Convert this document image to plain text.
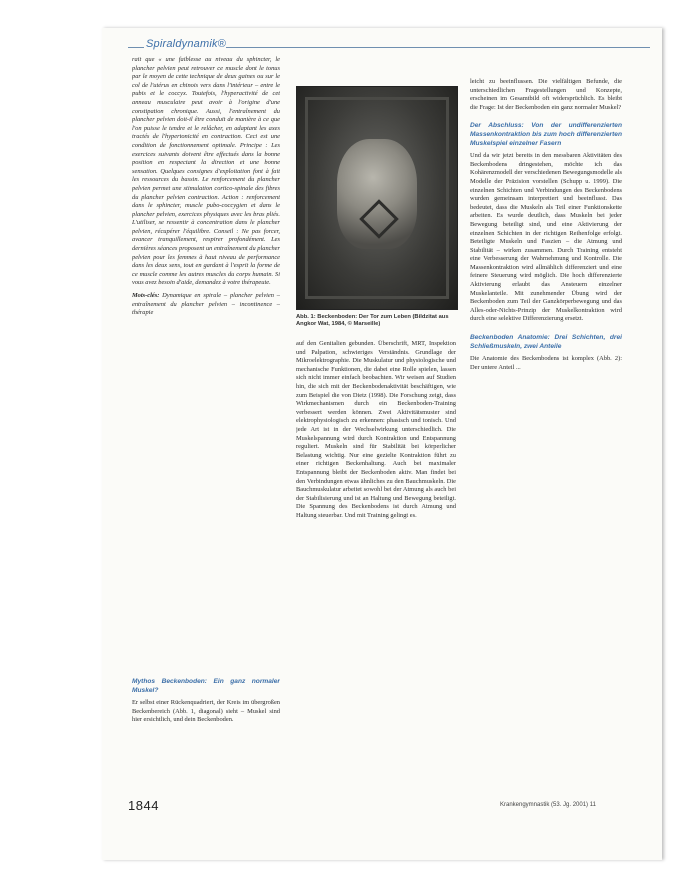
Spiraldynamik®

rait que « une faiblesse au niveau du sphincter, le plancher pelvien peut retrouver ce muscle dont le tonus par le moyen de cette technique de deux gaines ou sur le col de l'utérus en chinois vers dans l'intérieur – entre le pubis et le coccyx. Toutefois, l'hyperactivité de cet anneau musculaire peut avoir à l'origine d'une constipation chronique. Aussi, l'entraînement du plancher pelvien doit-il être conduit de manière à ce que l'on puisse le tendre et le relâcher, en adaptant les axes tractés de l'hypertonicité en contraction. Ceci est une condition de fonctionnement optimale. Principe : Les exercices suivants doivent être effectués dans la bonne position en respectant la direction et une bonne sensation. Quelques consignes d'exploitation font à fait les ressources du bassin. Le renforcement du plancher pelvien permet une stimulation cortico-spinale des fibres du plancher pelvien contraction. Action : renforcement dans le sphincter, muscle pubo-coccygien et dans le plancher pelvien, exercices physiques avec les bras pliés. L'utiliser, se ressentir à concentration dans le plancher pelvien, récupérer l'équilibre. Conseil : Ne pas forcer, avancer tranquillement, respirer profondément. Les dernières séances proposent un entraînement du plancher pelvien pour les femmes à haut niveau de performance dans les deux sens, tout en gardant à l'esprit la forme de ce muscle comme les autres muscles du corps humain. Si vous avez besoin d'aide, demandez à votre thérapeute.

Mots-clés: Dynamique en spirale – plancher pelvien – entraînement du plancher pelvien – incontinence – thérapie

Mythos Beckenboden: Ein ganz normaler Muskel?

Er selbst einer Rückenquadriert, der Kreis im übergroßen Beckenbereich (Abb. 1, diagonal) sieht – Muskel sind hier ersichtlich, und dein Beckenboden.

Abb. 1: Beckenboden: Der Tor zum Leben (Bildzitat aus Angkor Wat, 1984, © Marseille)

auf den Genitalien gebunden. Überschrift, MRT, Inspektion und Palpation, schwieriges Verständnis. Grundlage der Mikroelektrographie. Die Muskulatur und physiologische und mechanische Funktionen, die dabei eine Rolle spielen, lassen sich nicht immer einfach beobachten. Wir weisen auf Studien hin, die sich mit der Beckenbodenaktivität beschäftigen, wie zum Beispiel die von Dietz (1998). Die Forschung zeigt, dass Wirkmechanismen durch ein Beckenboden-Training verbessert werden können. Zwei Aktivitätsmuster sind elektrophysiologisch zu erkennen: phasisch und tonisch. Und jede Art ist in der Wechselwirkung unterschiedlich. Die Muskelspannung wird durch Kontraktion und Entspannung reguliert. Muskeln sind für Stabilität bei körperlicher Belastung wichtig. Nur eine gezielte Kontraktion führt zu einer richtigen Beckenhaltung. Auch bei maximaler Entspannung bleibt der Beckenboden aktiv. Man findet bei den Verbindungen etwas ähnliches zu den Bauchmuskeln. Die Bauchmuskulatur arbeitet sowohl bei der Atmung als auch bei der Stabilisierung und ist an Haltung und Bewegung beteiligt. Die Spannung des Beckenbodens ist durch Atmung und Haltung steuerbar. Und mit Training gelingt es.

leicht zu beeinflussen. Die vielfältigen Befunde, die unterschiedlichen Fragestellungen und Konzepte, erscheinen im Gesamtbild oft widersprüchlich. Es bleibt die Frage: Ist der Beckenboden ein ganz normaler Muskel?

Der Abschluss: Von der undifferenzierten Massenkontraktion bis zum hoch differenzierten Muskelspiel einzelner Fasern

Und da wir jetzt bereits in den messbaren Aktivitäten des Beckenbodens dringestehen, möchte ich das Kohärenzmodell der verschiedenen Bewegungsmodelle als Modelle der Präzision vorstellen (Schupp u. 1999). Die einzelnen Schichten und Verbindungen des Beckenbodens wurden gemeinsam interpretiert und beeinflusst. Das bedeutet, dass die Muskeln als Teil einer Funktionskette arbeiten. Es wurde deutlich, dass Muskeln bei jeder Bewegung beteiligt sind, und eine Aktivierung der einzelnen Schichten in der richtigen Reihenfolge erfolgt. Beteiligte Muskeln und Faszien – die Atmung und Stabilität – wirken zusammen. Durch Training entsteht eine Verbesserung der Wahrnehmung und Kontrolle. Die Massenkontraktion wird allmählich differenziert und eine feinere Steuerung wird möglich. Die hoch differenzierte Aktivierung erlaubt das Ansteuern einzelner Muskelanteile. Mit zunehmender Übung wird der Beckenboden zum Teil der Ganzkörperbewegung und das Alles-oder-Nichts-Prinzip der Muskelkontraktion wird durch eine selektive Differenzierung ersetzt.

Beckenboden Anatomie: Drei Schichten, drei Schließmuskeln, zwei Anteile

Die Anatomie des Beckenbodens ist komplex (Abb. 2): Der untere Anteil ...

1844	Krankengymnastik (53. Jg. 2001) 11
